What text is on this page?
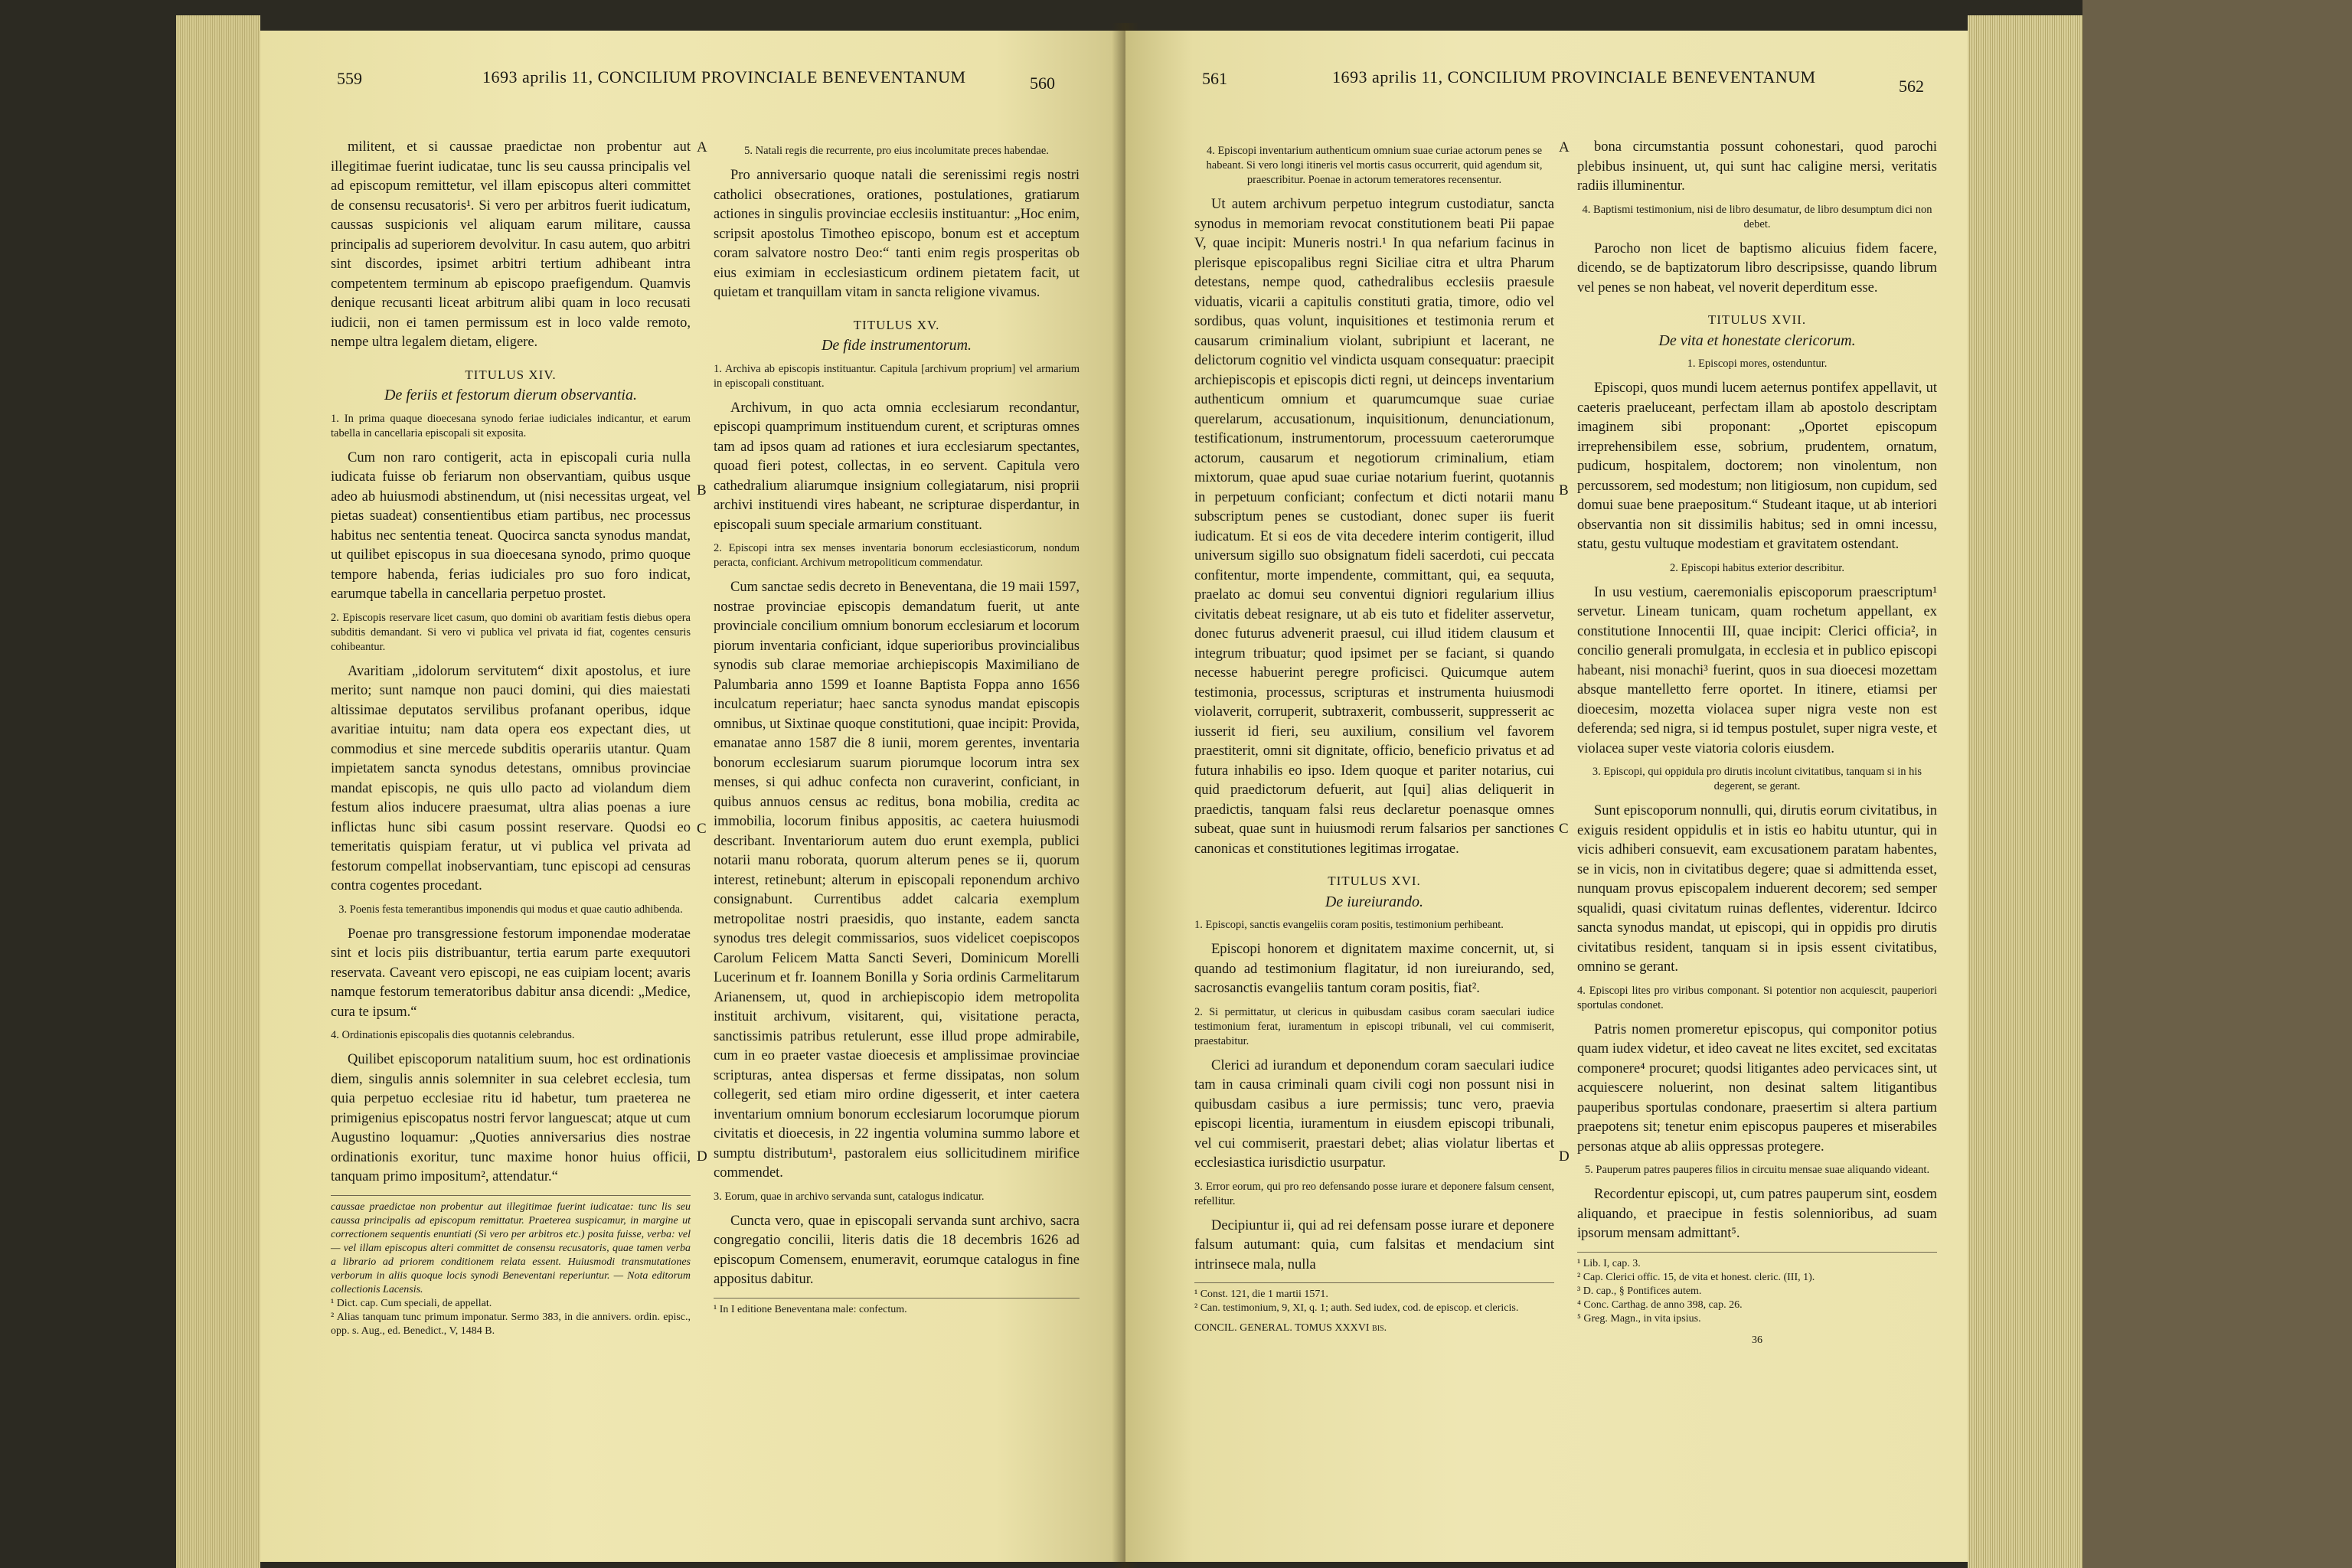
559	1693 aprilis 11, CONCILIUM PROVINCIALE BENEVENTANUM	560

militent, et si caussae praedictae non probentur aut illegitimae fuerint iudicatae, tunc lis seu caussa principalis vel ad episcopum remittetur, vel illam episcopus alteri committet de consensu recusatoris¹. Si vero per arbitros fuerit iudicatum, caussas suspicionis vel aliquam earum militare, caussa principalis ad superiorem devolvitur. In casu autem, quo arbitri sint discordes, ipsimet arbitri tertium adhibeant intra competentem terminum ab episcopo praefigendum. Quamvis denique recusanti liceat arbitrum alibi quam in loco recusati iudicii, non ei tamen permissum est in loco valde remoto, nempe ultra legalem dietam, eligere.

TITULUS XIV.
De feriis et festorum dierum observantia.

1. In prima quaque dioecesana synodo feriae iudiciales indicantur, et earum tabella in cancellaria episcopali sit exposita.

Cum non raro contigerit, acta in episcopali curia nulla iudicata fuisse ob feriarum non observantiam, quibus usque adeo ab huiusmodi abstinendum, ut (nisi necessitas urgeat, vel pietas suadeat) consentientibus etiam partibus, nec processus habitus nec sententia teneat. Quocirca sancta synodus mandat, ut quilibet episcopus in sua dioecesana synodo, primo quoque tempore habenda, ferias iudiciales pro suo foro indicat, earumque tabella in cancellaria perpetuo prostet.

2. Episcopis reservare licet casum, quo domini ob avaritiam festis diebus opera subditis demandant. Si vero vi publica vel privata id fiat, cogentes censuris cohibeantur.

Avaritiam „idolorum servitutem“ dixit apostolus, et iure merito; sunt namque non pauci domini, qui dies maiestati altissimae deputatos servilibus profanant operibus, idque avaritiae intuitu; nam data opera eos expectant dies, ut commodius et sine mercede subditis operariis utantur. Quam impietatem sancta synodus detestans, omnibus provinciae mandat episcopis, ne quis ullo pacto ad violandum diem festum alios inducere praesumat, ultra alias poenas a iure inflictas hunc sibi casum possint reservare. Quodsi eo temeritatis quispiam feratur, ut vi publica vel privata ad festorum compellat inobservantiam, tunc episcopi ad censuras contra cogentes procedant.

3. Poenis festa temerantibus imponendis qui modus et quae cautio adhibenda.

Poenae pro transgressione festorum imponendae moderatae sint et locis piis distribuantur, tertia earum parte exequutori reservata. Caveant vero episcopi, ne eas cuipiam locent; avaris namque festorum temeratoribus dabitur ansa dicendi: „Medice, cura te ipsum.“

4. Ordinationis episcopalis dies quotannis celebrandus.

Quilibet episcoporum natalitium suum, hoc est ordinationis diem, singulis annis solemniter in sua celebret ecclesia, tum quia perpetuo ecclesiae ritu id habetur, tum praeterea ne primigenius episcopatus nostri fervor languescat; atque ut cum Augustino loquamur: „Quoties anniversarius dies nostrae ordinationis exoritur, tunc maxime honor huius officii, tanquam primo impositum², attendatur.“

caussae praedictae non probentur aut illegitimae fuerint iudicatae: tunc lis seu caussa principalis ad episcopum remittatur. Praeterea suspicamur, in margine ut correctionem sequentis enuntiati (Si vero per arbitros etc.) posita fuisse, verba: vel — vel illam episcopus alteri committet de consensu recusatoris, quae tamen verba a librario ad priorem conditionem relata essent. Huiusmodi transmutationes verborum in aliis quoque locis synodi Beneventani reperiuntur. — Nota editorum collectionis Lacensis.
¹ Dict. cap. Cum speciali, de appellat.
² Alias tanquam tunc primum imponatur. Sermo 383, in die annivers. ordin. episc., opp. s. Aug., ed. Benedict., V, 1484 B.
A
B
C
D

5. Natali regis die recurrente, pro eius incolumitate preces habendae.

Pro anniversario quoque natali die serenissimi regis nostri catholici obsecrationes, orationes, postulationes, gratiarum actiones in singulis provinciae ecclesiis instituantur: „Hoc enim, scripsit apostolus Timotheo episcopo, bonum est et acceptum coram salvatore nostro Deo:“ tanti enim regis prosperitas ob eius eximiam in ecclesiasticum ordinem pietatem facit, ut quietam et tranquillam vitam in sancta religione vivamus.

TITULUS XV.
De fide instrumentorum.

1. Archiva ab episcopis instituantur. Capitula [archivum proprium] vel armarium in episcopali constituant.

Archivum, in quo acta omnia ecclesiarum recondantur, episcopi quamprimum instituendum curent, et scripturas omnes tam ad ipsos quam ad rationes et iura ecclesiarum spectantes, quoad fieri potest, collectas, in eo servent. Capitula vero cathedralium aliarumque insignium collegiatarum, nisi proprii archivi instituendi vires habeant, ne scripturae disperdantur, in episcopali suum speciale armarium constituant.

2. Episcopi intra sex menses inventaria bonorum ecclesiasticorum, nondum peracta, conficiant. Archivum metropoliticum commendatur.

Cum sanctae sedis decreto in Beneventana, die 19 maii 1597, nostrae provinciae episcopis demandatum fuerit, ut ante provinciale concilium omnium bonorum ecclesiarum et locorum piorum inventaria conficiant, idque superioribus provincialibus synodis sub clarae memoriae archiepiscopis Maximiliano de Palumbaria anno 1599 et Ioanne Baptista Foppa anno 1656 inculcatum reperiatur; haec sancta synodus mandat episcopis omnibus, ut Sixtinae quoque constitutioni, quae incipit: Provida, emanatae anno 1587 die 8 iunii, morem gerentes, inventaria bonorum ecclesiarum suarum piorumque locorum intra sex menses, si qui adhuc confecta non curaverint, conficiant, in quibus annuos census ac reditus, bona mobilia, credita ac immobilia, locorum finibus appositis, ac caetera huiusmodi describant. Inventariorum autem duo erunt exempla, publici notarii manu roborata, quorum alterum penes se ii, quorum interest, retinebunt; alterum in episcopali reponendum archivo consignabunt. Currentibus addet calcaria exemplum metropolitae nostri praesidis, quo instante, eadem sancta synodus tres delegit commissarios, suos videlicet coepiscopos Carolum Felicem Matta Sancti Severi, Dominicum Morelli Lucerinum et fr. Ioannem Bonilla y Soria ordinis Carmelitarum Arianensem, ut, quod in archiepiscopio idem metropolita instituit archivum, visitarent, qui, visitatione peracta, sanctissimis patribus retulerunt, esse illud prope admirabile, cum in eo praeter vastae dioecesis et amplissimae provinciae scripturas, antea dispersas et ferme dissipatas, non solum collegerit, sed etiam miro ordine digesserit, et inter caetera inventarium omnium bonorum ecclesiarum locorumque piorum civitatis et dioecesis, in 22 ingentia volumina summo labore et sumptu distributum¹, pastoralem eius sollicitudinem mirifice commendet.

3. Eorum, quae in archivo servanda sunt, catalogus indicatur.

Cuncta vero, quae in episcopali servanda sunt archivo, sacra congregatio concilii, literis datis die 18 decembris 1626 ad episcopum Comensem, enumeravit, eorumque catalogus in fine appositus dabitur.

¹ In I editione Beneventana male: confectum.
561	1693 aprilis 11, CONCILIUM PROVINCIALE BENEVENTANUM	562

4. Episcopi inventarium authenticum omnium suae curiae actorum penes se habeant. Si vero longi itineris vel mortis casus occurrerit, quid agendum sit, praescribitur. Poenae in actorum temeratores recensentur.

Ut autem archivum perpetuo integrum custodiatur, sancta synodus in memoriam revocat constitutionem beati Pii papae V, quae incipit: Muneris nostri.¹ In qua nefarium facinus in plerisque episcopalibus regni Siciliae citra et ultra Pharum detestans, nempe quod, cathedralibus ecclesiis praesule viduatis, vicarii a capitulis constituti gratia, timore, odio vel sordibus, quas volunt, inquisitiones et testimonia rerum et causarum criminalium violant, subripiunt et lacerant, ne delictorum cognitio vel vindicta usquam consequatur: praecipit archiepiscopis et episcopis dicti regni, ut deinceps inventarium authenticum omnium et quarumcumque suae curiae querelarum, accusationum, inquisitionum, denunciationum, testificationum, instrumentorum, processuum caeterorumque actorum, causarum et negotiorum criminalium, etiam mixtorum, quae apud suae curiae notarium fuerint, quotannis in perpetuum conficiant; confectum et dicti notarii manu subscriptum penes se custodiant, donec super iis fuerit iudicatum. Et si eos de vita decedere interim contigerit, illud universum sigillo suo obsignatum fideli sacerdoti, cui peccata confitentur, morte impendente, committant, qui, ea sequuta, praelato ac domui seu conventui digniori regularium illius civitatis debeat resignare, ut ab eis tuto et fideliter asservetur, donec futurus advenerit praesul, cui illud itidem clausum et integrum tribuatur; quod ipsimet per se faciant, si quando necesse habuerint peregre proficisci. Quicumque autem testimonia, processus, scripturas et instrumenta huiusmodi violaverit, corruperit, subtraxerit, combusserit, suppresserit ac iusserit id fieri, seu auxilium, consilium vel favorem praestiterit, omni sit dignitate, officio, beneficio privatus et ad futura inhabilis eo ipso. Idem quoque et pariter notarius, cui quid praedictorum defuerit, aut [qui] alias deliquerit in praedictis, tanquam falsi reus declaretur poenasque omnes subeat, quae sunt in huiusmodi rerum falsarios per sanctiones canonicas et constitutiones legitimas irrogatae.

TITULUS XVI.
De iureiurando.

1. Episcopi, sanctis evangeliis coram positis, testimonium perhibeant.

Episcopi honorem et dignitatem maxime concernit, ut, si quando ad testimonium flagitatur, id non iureiurando, sed, sacrosanctis evangeliis tantum coram positis, fiat².

2. Si permittatur, ut clericus in quibusdam casibus coram saeculari iudice testimonium ferat, iuramentum in episcopi tribunali, vel cui commiserit, praestabitur.

Clerici ad iurandum et deponendum coram saeculari iudice tam in causa criminali quam civili cogi non possunt nisi in quibusdam casibus a iure permissis; tunc vero, praevia episcopi licentia, iuramentum in eiusdem episcopi tribunali, vel cui commiserit, praestari debet; alias violatur libertas et ecclesiastica iurisdictio usurpatur.

3. Error eorum, qui pro reo defensando posse iurare et deponere falsum censent, refellitur.

Decipiuntur ii, qui ad rei defensam posse iurare et deponere falsum autumant: quia, cum falsitas et mendacium sint intrinsece mala, nulla

¹ Const. 121, die 1 martii 1571.
² Can. testimonium, 9, XI, q. 1; auth. Sed iudex, cod. de episcop. et clericis.
CONCIL. GENERAL. TOMUS XXXVI bis.
A
B
C
D

bona circumstantia possunt cohonestari, quod parochi plebibus insinuent, ut, qui sunt hac caligine mersi, veritatis radiis illuminentur.

4. Baptismi testimonium, nisi de libro desumatur, de libro desumptum dici non debet.

Parocho non licet de baptismo alicuius fidem facere, dicendo, se de baptizatorum libro descripsisse, quando librum vel penes se non habeat, vel noverit deperditum esse.

TITULUS XVII.
De vita et honestate clericorum.

1. Episcopi mores, ostenduntur.

Episcopi, quos mundi lucem aeternus pontifex appellavit, ut caeteris praeluceant, perfectam illam ab apostolo descriptam imaginem sibi proponant: „Oportet episcopum irreprehensibilem esse, sobrium, prudentem, ornatum, pudicum, hospitalem, doctorem; non vinolentum, non percussorem, sed modestum; non litigiosum, non cupidum, sed domui suae bene praepositum.“ Studeant itaque, ut ab interiori observantia non sit dissimilis habitus; sed in omni incessu, statu, gestu vultuque modestiam et gravitatem ostendant.

2. Episcopi habitus exterior describitur.

In usu vestium, caeremonialis episcoporum praescriptum¹ servetur. Lineam tunicam, quam rochetum appellant, ex constitutione Innocentii III, quae incipit: Clerici officia², in concilio generali promulgata, in ecclesia et in publico episcopi habeant, nisi monachi³ fuerint, quos in sua dioecesi mozettam absque mantelletto ferre oportet. In itinere, etiamsi per dioecesim, mozetta violacea super nigra veste non est deferenda; sed nigra, si id tempus postulet, super nigra veste, et violacea super veste viatoria coloris eiusdem.

3. Episcopi, qui oppidula pro dirutis incolunt civitatibus, tanquam si in his degerent, se gerant.

Sunt episcoporum nonnulli, qui, dirutis eorum civitatibus, in exiguis resident oppidulis et in istis eo habitu utuntur, qui in vicis adhiberi consuevit, eam excusationem paratam habentes, se in vicis, non in civitatibus degere; quae si admittenda esset, nunquam provus episcopalem induerent decorem; sed semper squalidi, quasi civitatum ruinas deflentes, viderentur. Idcirco sancta synodus mandat, ut episcopi, qui in oppidis pro dirutis civitatibus resident, tanquam si in ipsis essent civitatibus, omnino se gerant.

4. Episcopi lites pro viribus componant. Si potentior non acquiescit, pauperiori sportulas condonet.

Patris nomen promeretur episcopus, qui componitor potius quam iudex videtur, et ideo caveat ne lites excitet, sed excitatas componere⁴ procuret; quodsi litigantes adeo pervicaces sint, ut acquiescere noluerint, non desinat saltem litigantibus pauperibus sportulas condonare, praesertim si altera partium praepotens sit; tenetur enim episcopus pauperes et miserabiles personas atque ab aliis oppressas protegere.

5. Pauperum patres pauperes filios in circuitu mensae suae aliquando videant.

Recordentur episcopi, ut, cum patres pauperum sint, eosdem aliquando, et praecipue in festis solennioribus, ad suam ipsorum mensam admittant⁵.

¹ Lib. I, cap. 3.
² Cap. Clerici offic. 15, de vita et honest. cleric. (III, 1).
³ D. cap., § Pontifices autem.
⁴ Conc. Carthag. de anno 398, cap. 26.
⁵ Greg. Magn., in vita ipsius.
36
